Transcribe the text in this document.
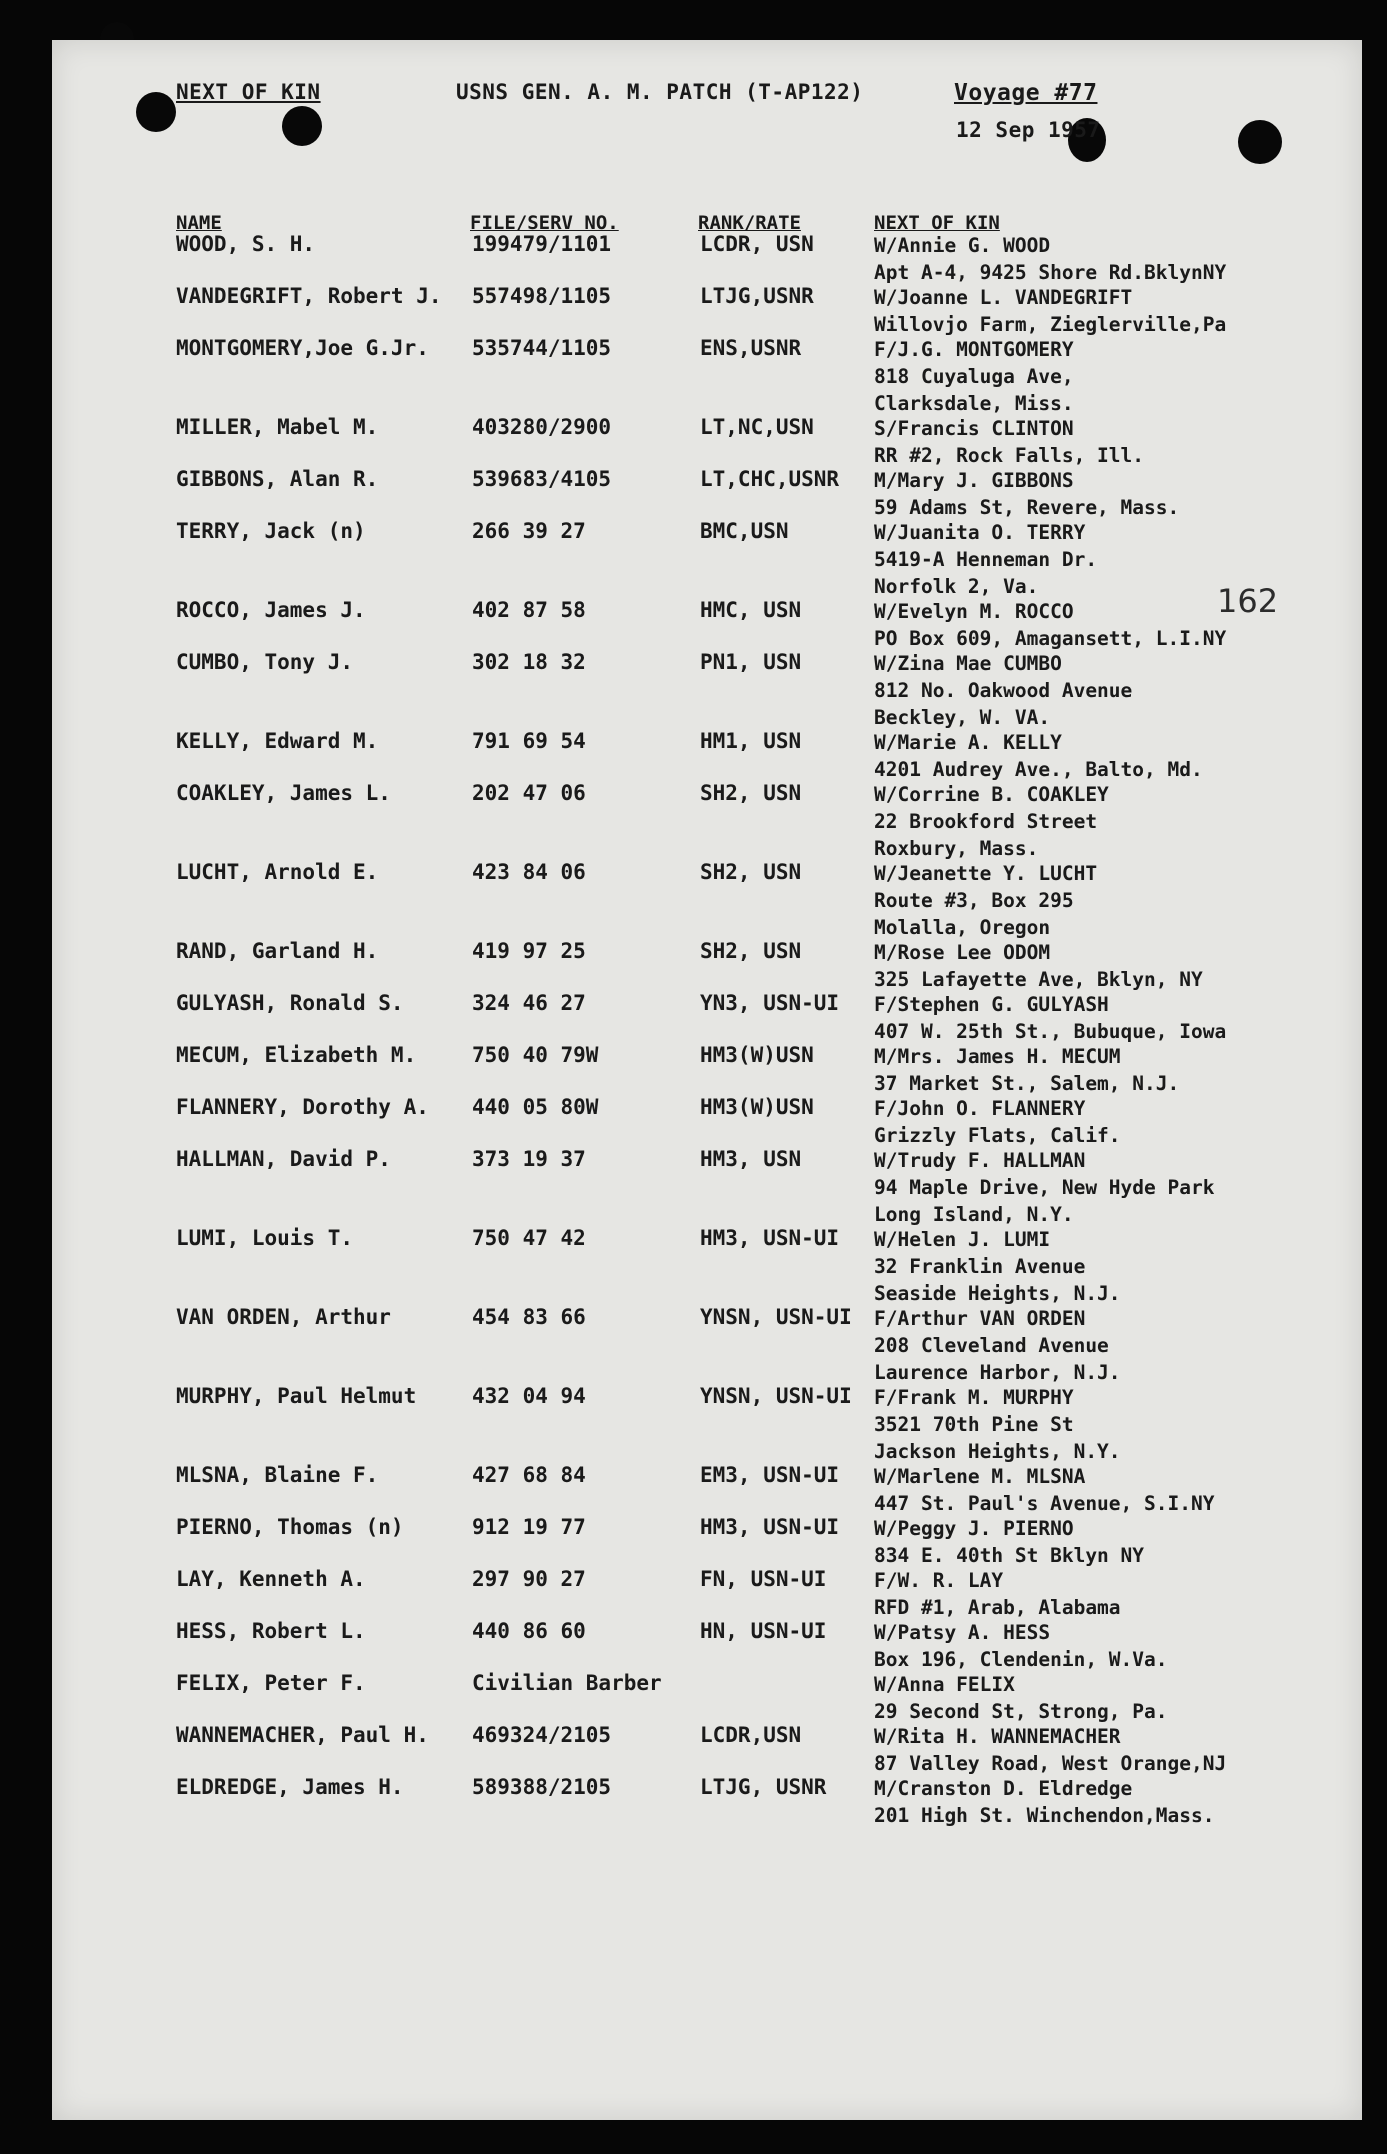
NEXT OF KIN	USNS GEN. A. M. PATCH (T-AP122)	Voyage #77
12 Sep 1957
NAME	FILE/SERV NO.	RANK/RATE	NEXT OF KIN
WOOD, S. H.	199479/1101	LCDR, USN	W/Annie G. WOOD
Apt A-4, 9425 Shore Rd.BklynNY
VANDEGRIFT, Robert J. 557498/1105	LTJG,USNR	W/Joanne L. VANDEGRIFT
Willovjo Farm, Zieglerville,Pa
MONTGOMERY,Joe G.Jr. 535744/1105	ENS,USNR	F/J.G. MONTGOMERY
818 Cuyaluga Ave,
Clarksdale, Miss.
MILLER, Mabel M.	403280/2900	LT,NC,USN	S/Francis CLINTON
RR #2, Rock Falls, Ill.
GIBBONS, Alan R.	539683/4105	LT,CHC,USNR M/Mary J. GIBBONS
59 Adams St, Revere, Mass.
TERRY, Jack (n)	266 39 27	BMC,USN	W/Juanita O. TERRY
5419-A Henneman Dr.
Norfolk 2, Va.
ROCCO, James J.	402 87 58	HMC, USN	W/Evelyn M. ROCCO
PO Box 609, Amagansett, L.I.NY
CUMBO, Tony J.	302 18 32	PN1, USN	W/Zina Mae CUMBO
812 No. Oakwood Avenue
Beckley, W. VA.
KELLY, Edward M.	791 69 54	HM1, USN	W/Marie A. KELLY
4201 Audrey Ave., Balto, Md.
COAKLEY, James L.	202 47 06	SH2, USN	W/Corrine B. COAKLEY
22 Brookford Street
Roxbury, Mass.
LUCHT, Arnold E.	423 84 06	SH2, USN	W/Jeanette Y. LUCHT
Route #3, Box 295
Molalla, Oregon
RAND, Garland H.	419 97 25	SH2, USN	M/Rose Lee ODOM
325 Lafayette Ave, Bklyn, NY
GULYASH, Ronald S.	324 46 27	YN3, USN-UI F/Stephen G. GULYASH
407 W. 25th St., Bubuque, Iowa
MECUM, Elizabeth M.	750 40 79W	HM3(W)USN	M/Mrs. James H. MECUM
37 Market St., Salem, N.J.
FLANNERY, Dorothy A. 440 05 80W	HM3(W)USN	F/John O. FLANNERY
Grizzly Flats, Calif.
HALLMAN, David P.	373 19 37	HM3, USN	W/Trudy F. HALLMAN
94 Maple Drive, New Hyde Park
Long Island, N.Y.
LUMI, Louis T.	750 47 42	HM3, USN-UI W/Helen J. LUMI
32 Franklin Avenue
Seaside Heights, N.J.
VAN ORDEN, Arthur	454 83 66	YNSN, USN-UI F/Arthur VAN ORDEN
208 Cleveland Avenue
Laurence Harbor, N.J.
MURPHY, Paul Helmut	432 04 94	YNSN, USN-UI F/Frank M. MURPHY
3521 70th Pine St
Jackson Heights, N.Y.
MLSNA, Blaine F.	427 68 84	EM3, USN-UI W/Marlene M. MLSNA
447 St. Paul's Avenue, S.I.NY
PIERNO, Thomas (n)	912 19 77	HM3, USN-UI W/Peggy J. PIERNO
834 E. 40th St Bklyn NY
LAY, Kenneth A.	297 90 27	FN, USN-UI F/W. R. LAY
RFD #1, Arab, Alabama
HESS, Robert L.	440 86 60	HN, USN-UI W/Patsy A. HESS
Box 196, Clendenin, W.Va.
FELIX, Peter F.	Civilian Barber	W/Anna FELIX
29 Second St, Strong, Pa.
WANNEMACHER, Paul H. 469324/2105	LCDR,USN	W/Rita H. WANNEMACHER
87 Valley Road, West Orange,NJ
ELDREDGE, James H.	589388/2105	LTJG, USNR M/Cranston D. Eldredge
201 High St. Winchendon,Mass.
162
